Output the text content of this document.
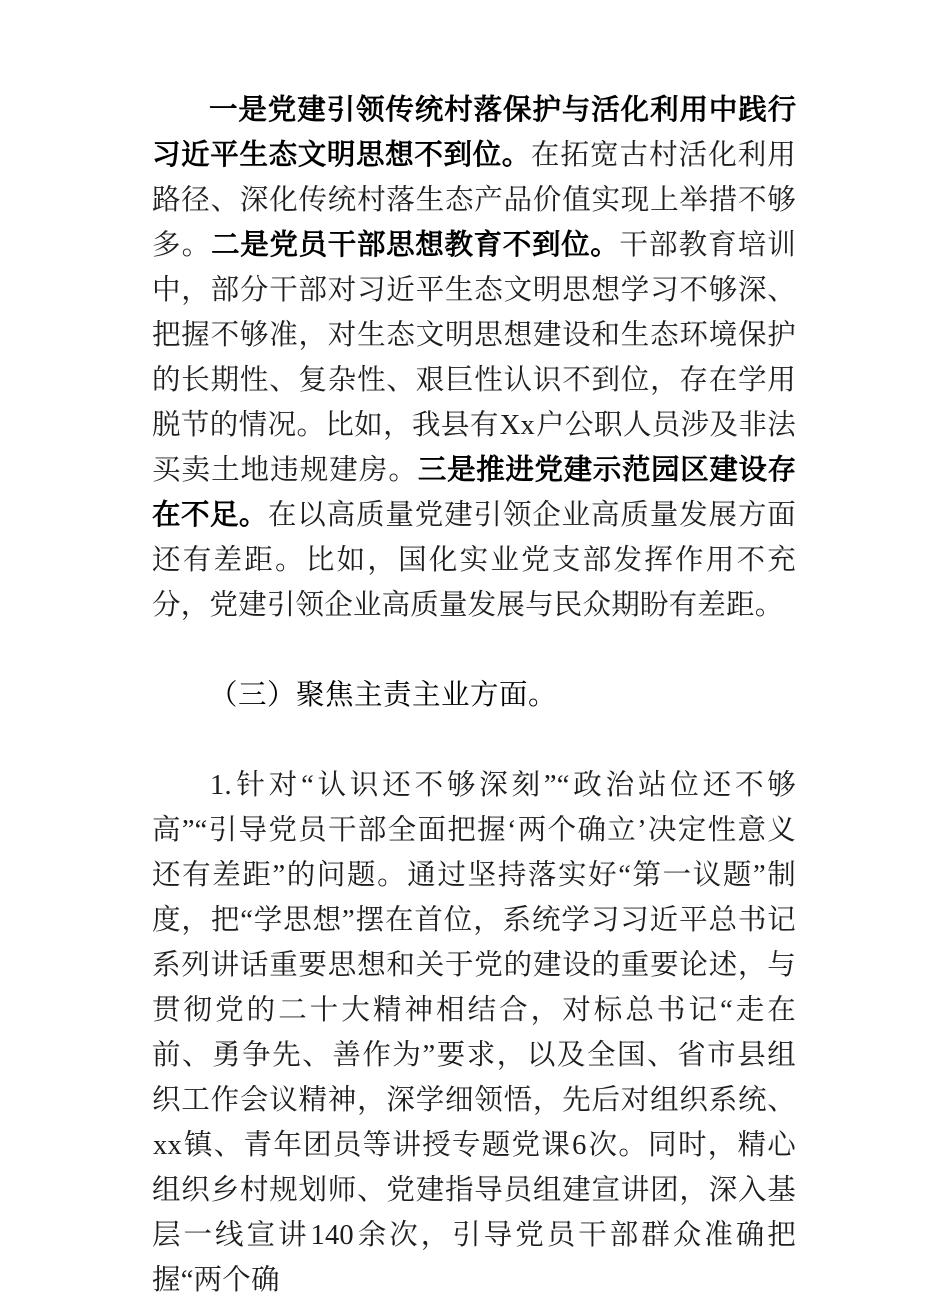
一是党建引领传统村落保护与活化利用中践行习近平生态文明思想不到位。在拓宽古村活化利用路径、深化传统村落生态产品价值实现上举措不够多。二是党员干部思想教育不到位。干部教育培训中，部分干部对习近平生态文明思想学习不够深、把握不够准，对生态文明思想建设和生态环境保护的长期性、复杂性、艰巨性认识不到位，存在学用脱节的情况。比如，我县有Xx户公职人员涉及非法买卖土地违规建房。三是推进党建示范园区建设存在不足。在以高质量党建引领企业高质量发展方面还有差距。比如，国化实业党支部发挥作用不充分，党建引领企业高质量发展与民众期盼有差距。

（三）聚焦主责主业方面。

1.针对“认识还不够深刻”“政治站位还不够高”“引导党员干部全面把握‘两个确立’决定性意义还有差距”的问题。通过坚持落实好“第一议题”制度，把“学思想”摆在首位，系统学习习近平总书记系列讲话重要思想和关于党的建设的重要论述，与贯彻党的二十大精神相结合，对标总书记“走在前、勇争先、善作为”要求，以及全国、省市县组织工作会议精神，深学细领悟，先后对组织系统、xx镇、青年团员等讲授专题党课6次。同时，精心组织乡村规划师、党建指导员组建宣讲团，深入基层一线宣讲140余次，引导党员干部群众准确把握“两个确
